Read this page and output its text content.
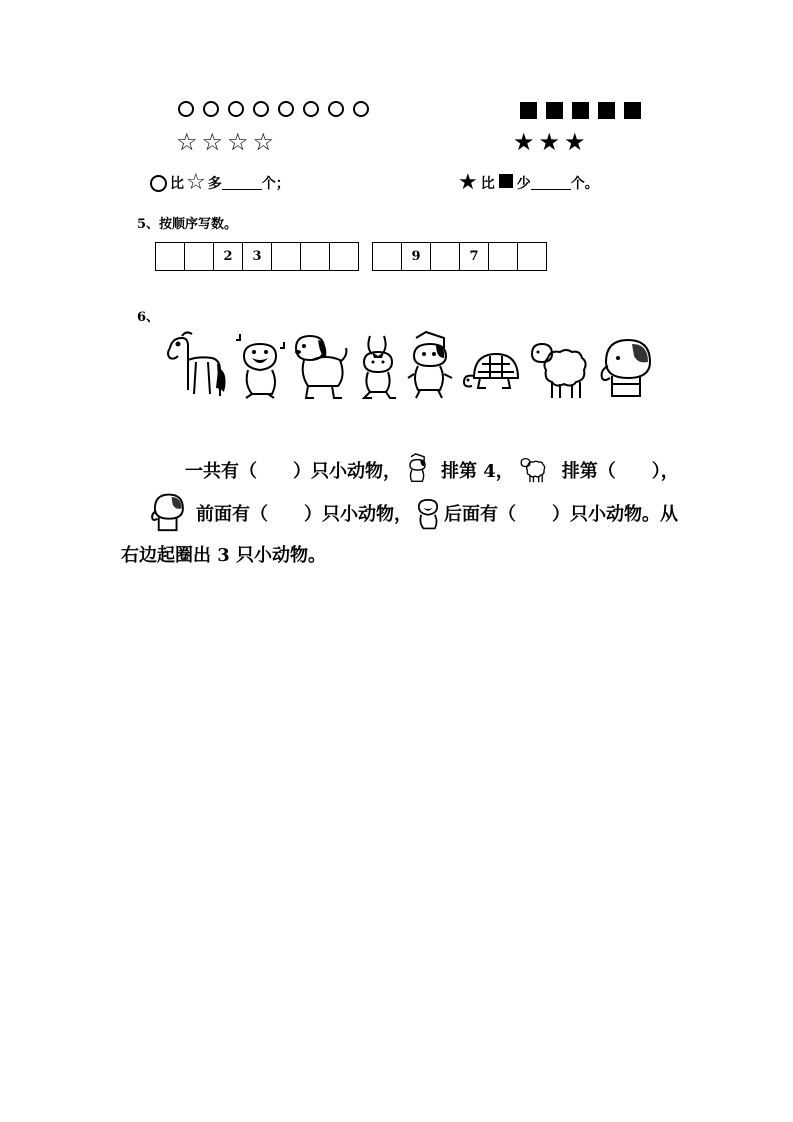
☆ ☆ ☆ ☆	★ ★ ★
比 ☆ 多	个；	★ 比 少	个。
5、按顺序写数。
		2	3			
		9		7		
6、
一共有（　　）只小动物， 排第 4，	排第（　　），
前面有（　　）只小动物， 后面有（　　）只小动物。从
右边起圈出 3 只小动物。
